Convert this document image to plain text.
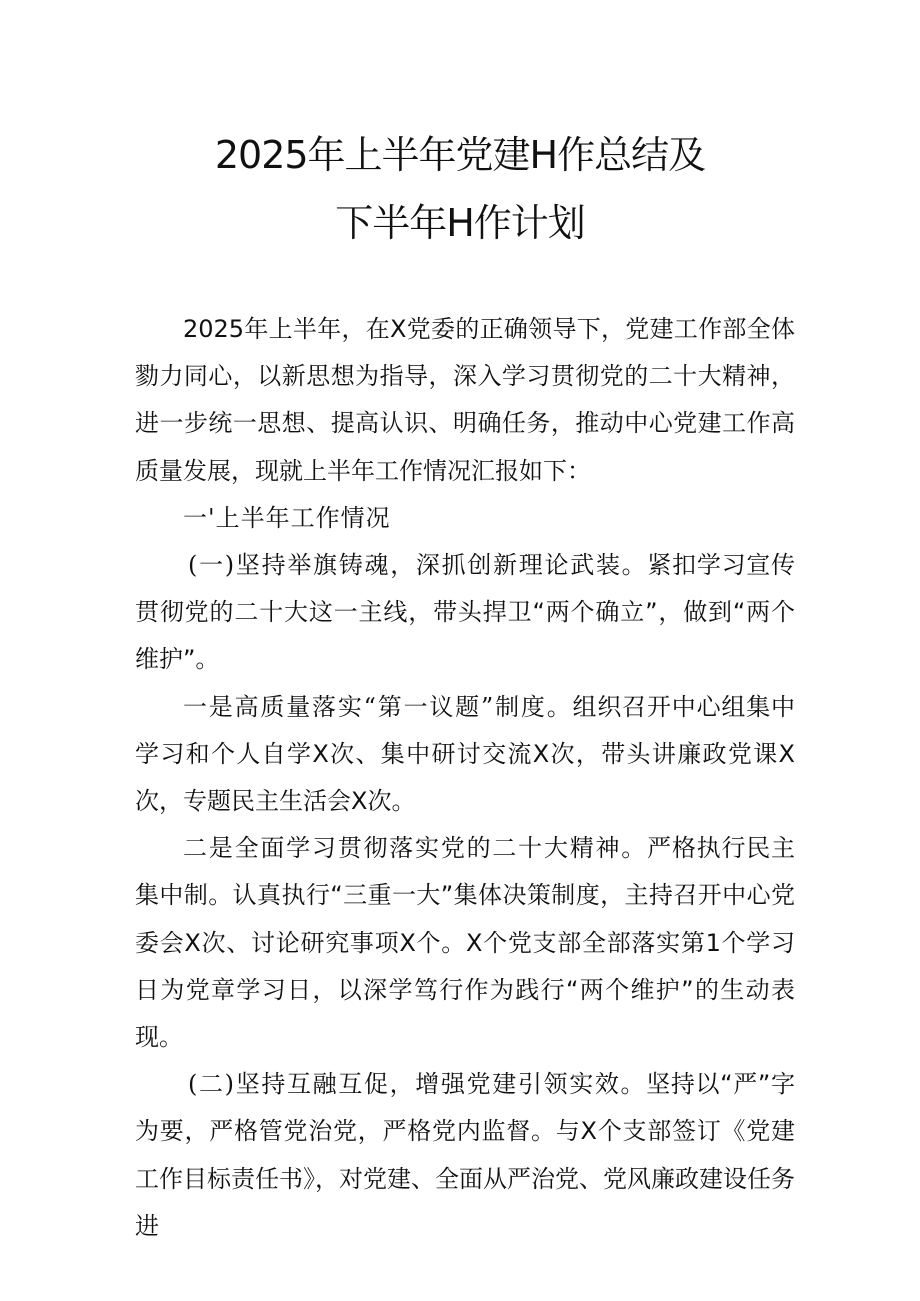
2025年上半年党建H作总结及
下半年H作计划

2025年上半年，在X党委的正确领导下，党建工作部全体勠力同心，以新思想为指导，深入学习贯彻党的二十大精神，进一步统一思想、提高认识、明确任务，推动中心党建工作高质量发展，现就上半年工作情况汇报如下：

一'上半年工作情况

(一)坚持举旗铸魂，深抓创新理论武装。紧扣学习宣传贯彻党的二十大这一主线，带头捍卫“两个确立”，做到“两个维护”。

一是高质量落实“第一议题”制度。组织召开中心组集中学习和个人自学X次、集中研讨交流X次，带头讲廉政党课X次，专题民主生活会X次。

二是全面学习贯彻落实党的二十大精神。严格执行民主集中制。认真执行“三重一大”集体决策制度，主持召开中心党委会X次、讨论研究事项X个。X个党支部全部落实第1个学习日为党章学习日，以深学笃行作为践行“两个维护”的生动表现。

(二)坚持互融互促，增强党建引领实效。坚持以“严”字为要，严格管党治党，严格党内监督。与X个支部签订《党建工作目标责任书》，对党建、全面从严治党、党风廉政建设任务进
